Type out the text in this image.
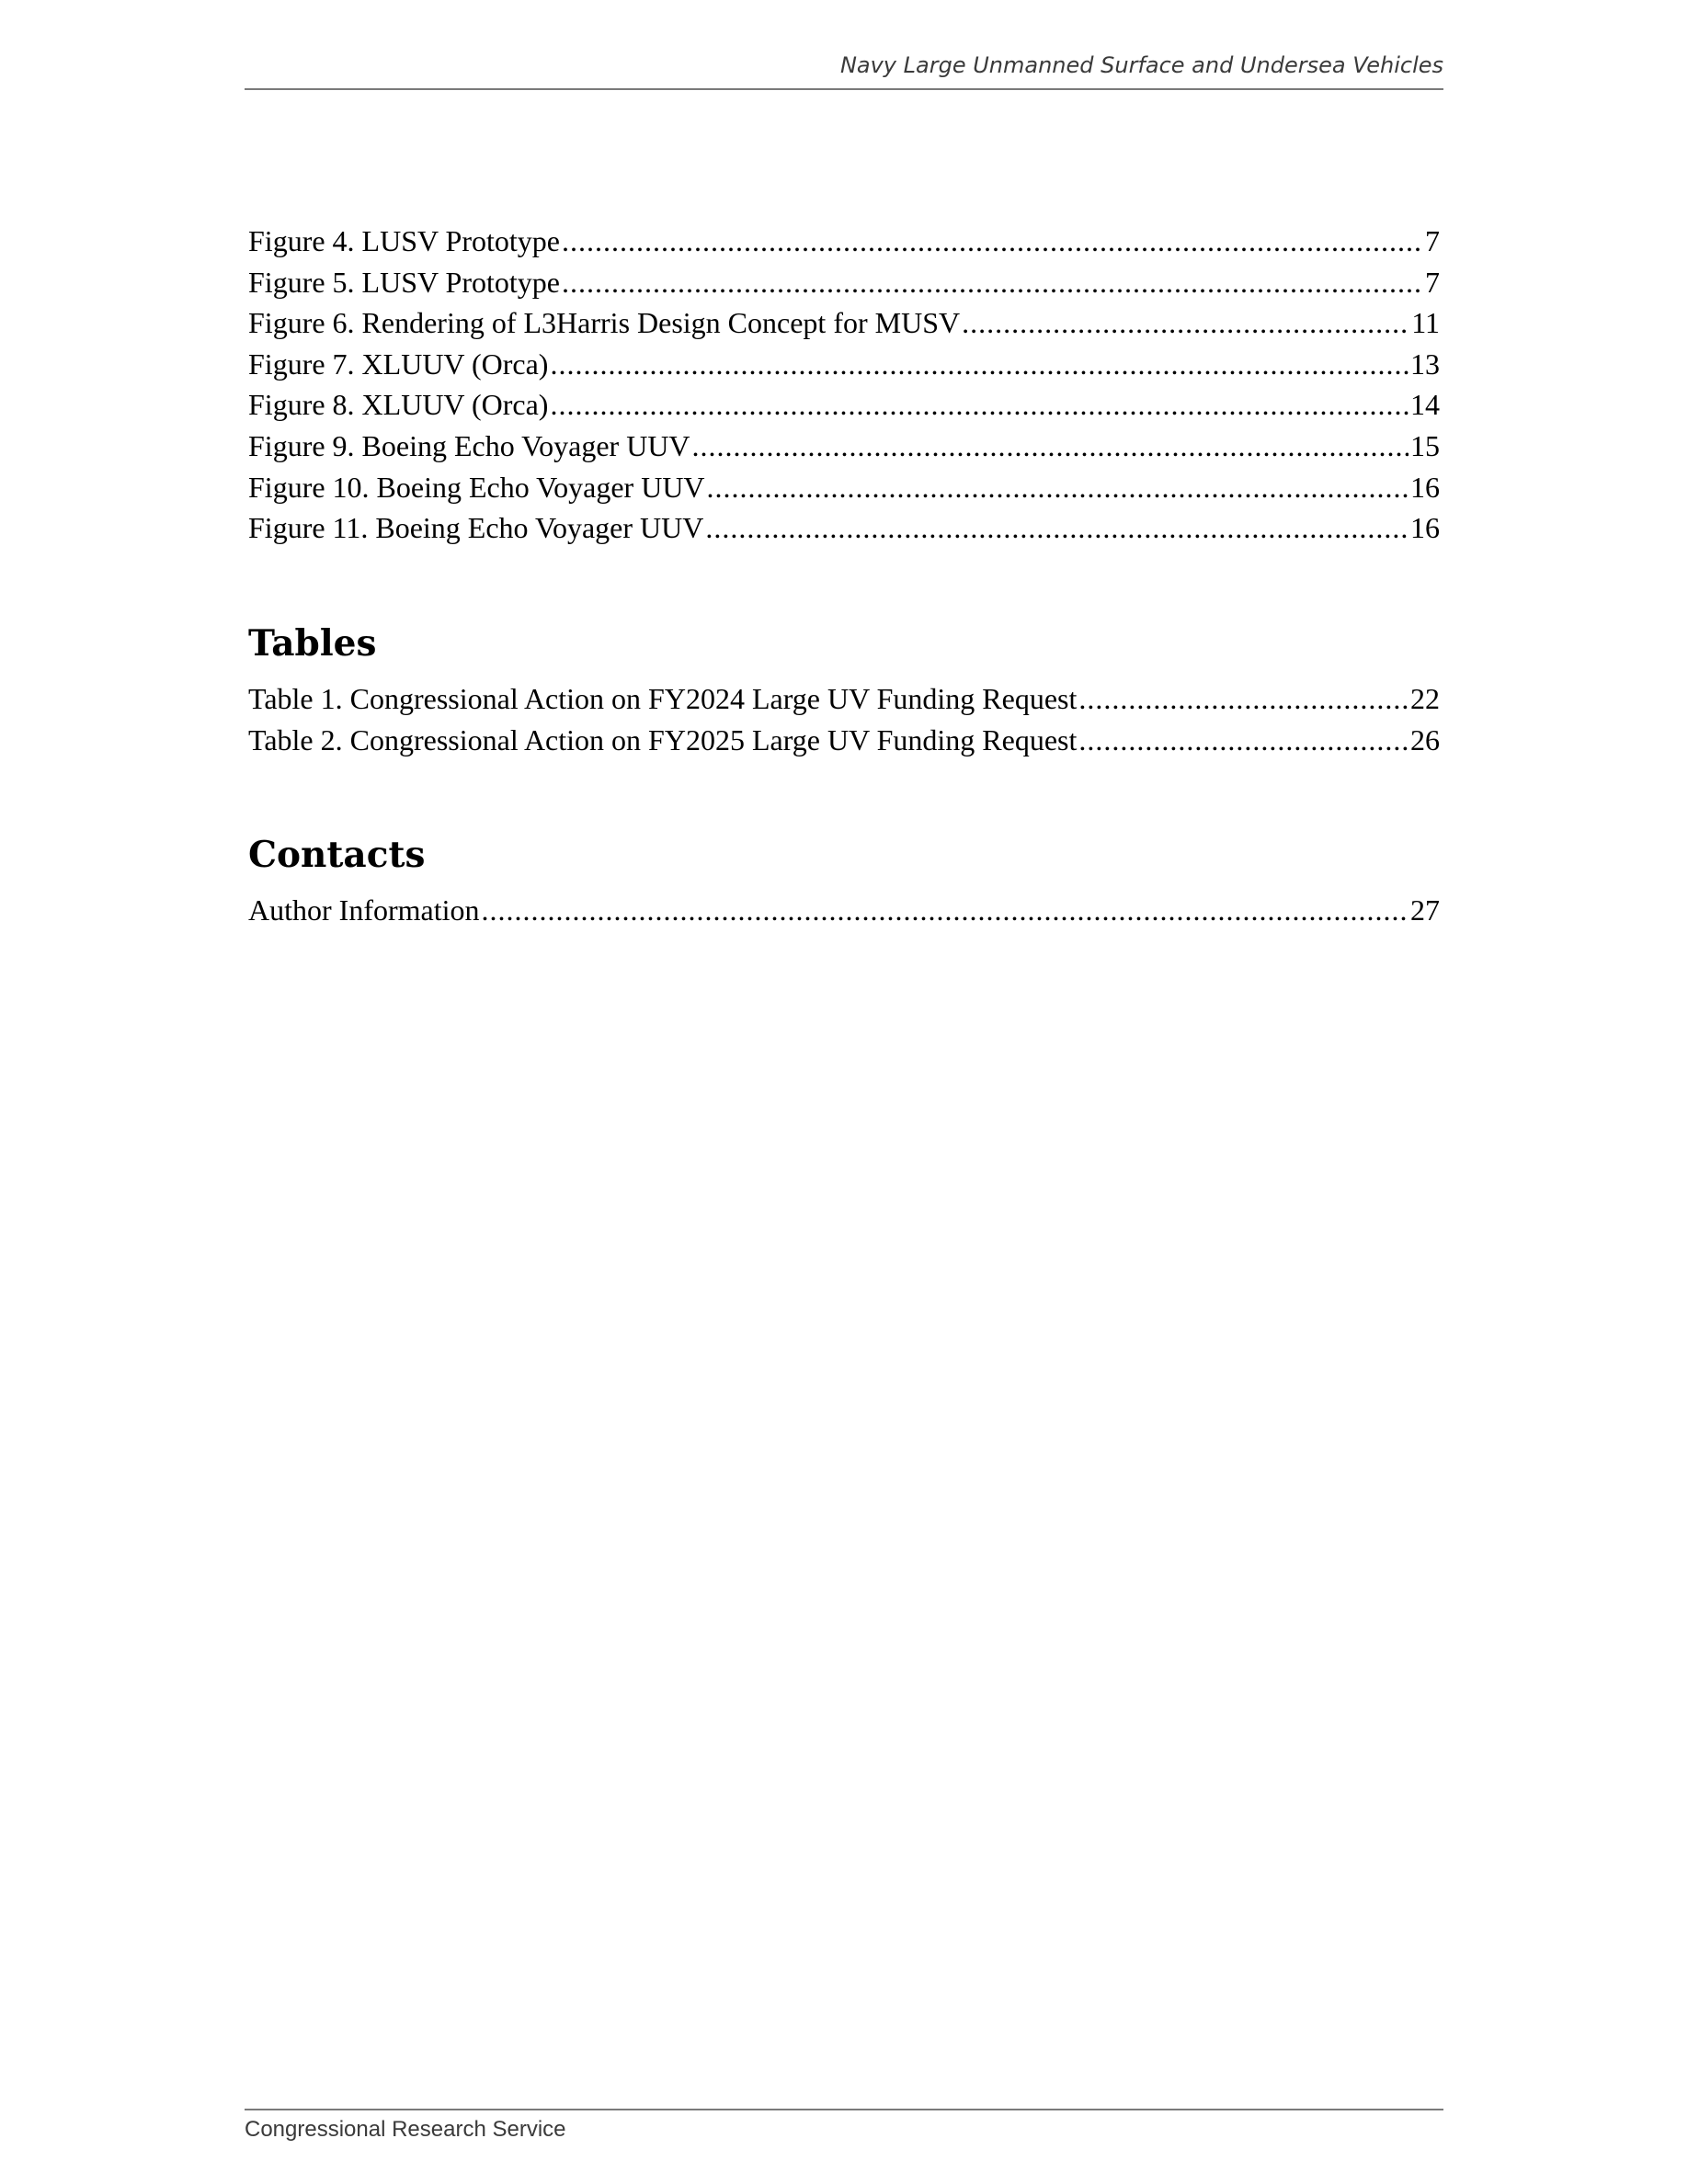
Navy Large Unmanned Surface and Undersea Vehicles
Figure 4. LUSV Prototype .....	7
Figure 5. LUSV Prototype .....	7
Figure 6. Rendering of L3Harris Design Concept for MUSV .....	11
Figure 7. XLUUV (Orca) .....	13
Figure 8. XLUUV (Orca) .....	14
Figure 9. Boeing Echo Voyager UUV .....	15
Figure 10. Boeing Echo Voyager UUV .....	16
Figure 11. Boeing Echo Voyager UUV .....	16
Tables
Table 1. Congressional Action on FY2024 Large UV Funding Request .....	22
Table 2. Congressional Action on FY2025 Large UV Funding Request .....	26
Contacts
Author Information .....	27
Congressional Research Service
